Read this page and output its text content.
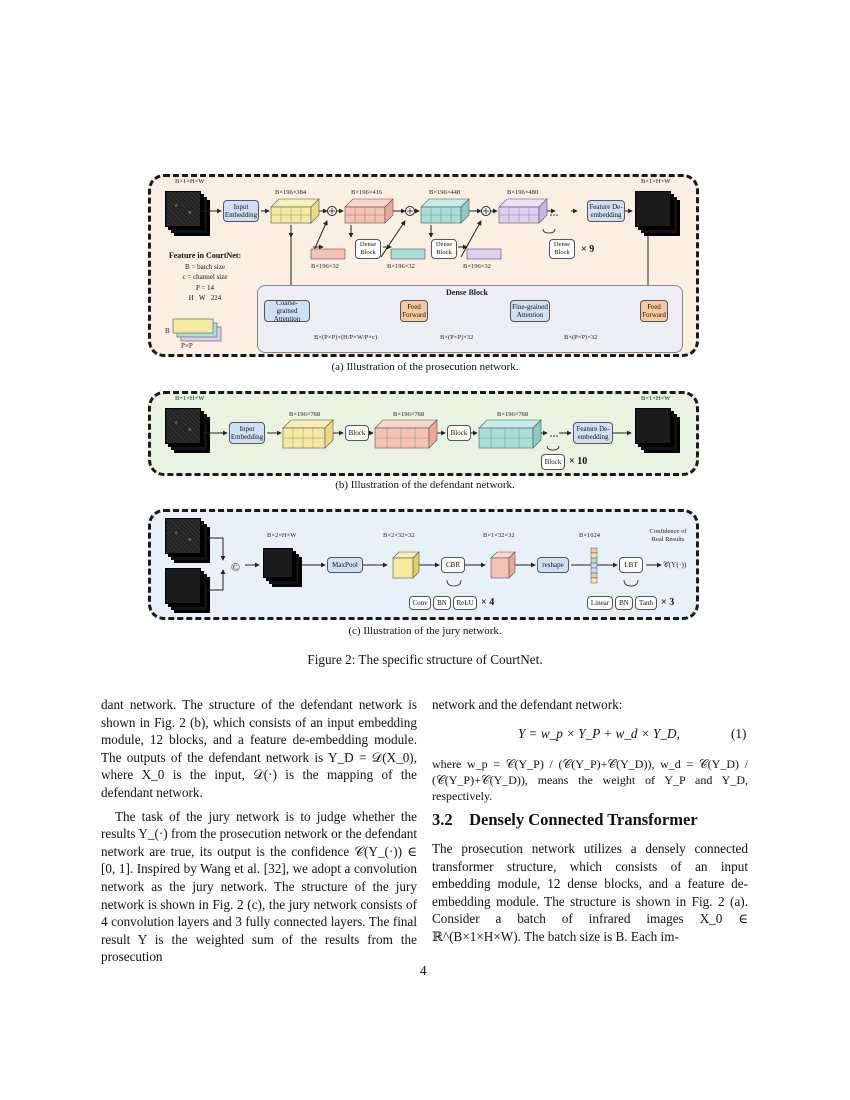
B×1×H×W
Input Embedding
B×196×384	B×196×416	B×196×448	B×196×480
Dense Block
Dense Block
Dense Block	× 9
B×196×32	B×196×32	B×196×32
Feature De-embedding
B×1×H×W
Feature in CourtNet:
B = batch size
c = channel size
P = 14
H W 224
B
P×P
Dense Block
Coarse-grained Attention
Feed Forward
Fine-grained Attention
Feed Forward
B×(P×P)×(H/P×W/P×c)	B×(P×P)×32	B×(P×P)×32
(a) Illustration of the prosecution network.
B×1×H×W
Input Embedding
B×196×768	B×196×768	B×196×768
Block	Block
Block × 10
Feature De-embedding
B×1×H×W
(b) Illustration of the defendant network.
©
B×2×H×W
MaxPool
B×2×32×32
CBR
B×1×32×32
reshape
B×1024
LBT
Confidence of Real Results
𝒞(Y(·))
Conv	BN	ReLU × 4	Linear	BN	Tanh × 3
(c) Illustration of the jury network.
Figure 2: The specific structure of CourtNet.

dant network. The structure of the defendant network is shown in Fig. 2 (b), which consists of an input embedding module, 12 blocks, and a feature de-embedding module. The outputs of the defendant network is Y_D = 𝒟(X_0), where X_0 is the input, 𝒟(·) is the mapping of the defendant network.

The task of the jury network is to judge whether the results Y_(·) from the prosecution network or the defendant network are true, its output is the confidence 𝒞(Y_(·)) ∈ [0, 1]. Inspired by Wang et al. [32], we adopt a convolution network as the jury network. The structure of the jury network is shown in Fig. 2 (c), the jury network consists of 4 convolution layers and 3 fully connected layers. The final result Y is the weighted sum of the results from the prosecution

network and the defendant network:

Y = w_p × Y_P + w_d × Y_D,	(1)

where w_p = 𝒞(Y_P) / (𝒞(Y_P)+𝒞(Y_D)), w_d = 𝒞(Y_D) / (𝒞(Y_P)+𝒞(Y_D)), means the weight of Y_P and Y_D, respectively.

3.2 Densely Connected Transformer

The prosecution network utilizes a densely connected transformer structure, which consists of an input embedding module, 12 dense blocks, and a feature de-embedding module. The structure is shown in Fig. 2 (a). Consider a batch of infrared images X_0 ∈ ℝ^(B×1×H×W). The batch size is B. Each im-

4
